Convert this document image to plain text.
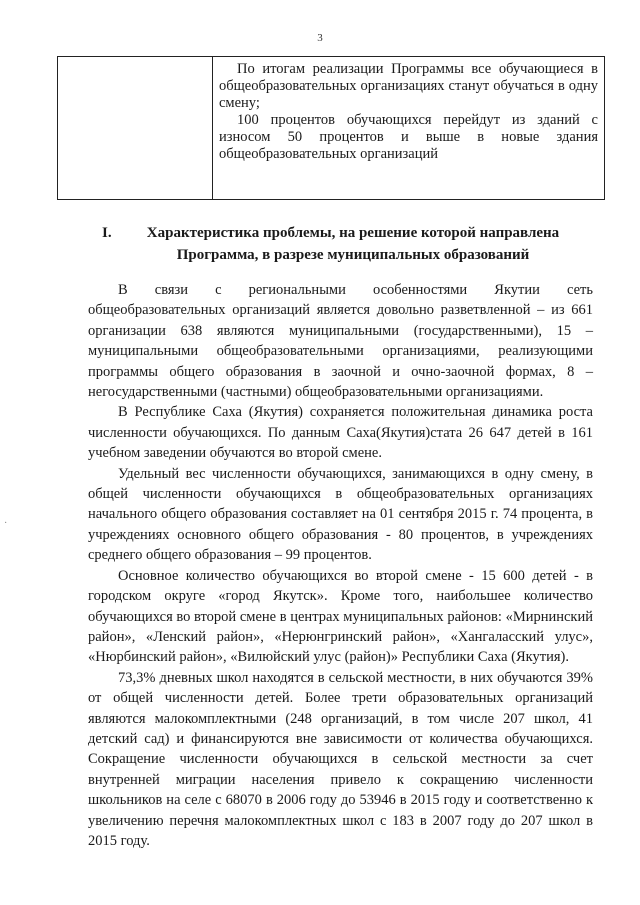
3

По итогам реализации Программы все обучающиеся в общеобразовательных организациях станут обучаться в одну смену;

100 процентов обучающихся перейдут из зданий с износом 50 процентов и выше в новые здания общеобразовательных организаций

I.	Характеристика проблемы, на решение которой направлена Программа, в разрезе муниципальных образований

В связи с региональными особенностями Якутии сеть общеобразовательных организаций является довольно разветвленной – из 661 организации 638 являются муниципальными (государственными), 15 – муниципальными общеобразовательными организациями, реализующими программы общего образования в заочной и очно-заочной формах, 8 – негосударственными (частными) общеобразовательными организациями.

В Республике Саха (Якутия) сохраняется положительная динамика роста численности обучающихся. По данным Саха(Якутия)стата 26 647 детей в 161 учебном заведении обучаются во второй смене.

Удельный вес численности обучающихся, занимающихся в одну смену, в общей численности обучающихся в общеобразовательных организациях начального общего образования составляет на 01 сентября 2015 г. 74 процента, в учреждениях основного общего образования - 80 процентов, в учреждениях среднего общего образования – 99 процентов.

Основное количество обучающихся во второй смене - 15 600 детей - в городском округе «город Якутск». Кроме того, наибольшее количество обучающихся во второй смене в центрах муниципальных районов: «Мирнинский район», «Ленский район», «Нерюнгринский район», «Хангаласский улус», «Нюрбинский район», «Вилюйский улус (район)» Республики Саха (Якутия).

73,3% дневных школ находятся в сельской местности, в них обучаются 39% от общей численности детей. Более трети образовательных организаций являются малокомплектными (248 организаций, в том числе 207 школ, 41 детский сад) и финансируются вне зависимости от количества обучающихся. Сокращение численности обучающихся в сельской местности за счет внутренней миграции населения привело к сокращению численности школьников на селе с 68070 в 2006 году до 53946 в 2015 году и соответственно к увеличению перечня малокомплектных школ с 183 в 2007 году до 207 школ в 2015 году.

·
